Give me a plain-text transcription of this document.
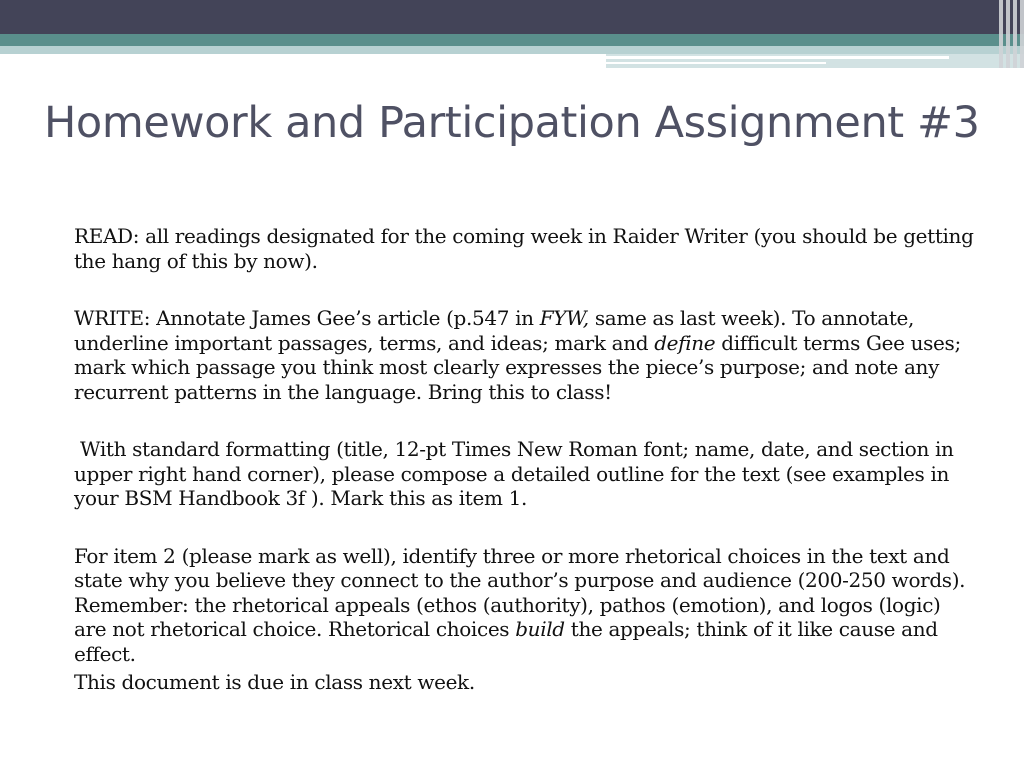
Homework and Participation Assignment #3

READ: all readings designated for the coming week in Raider Writer (you should be getting the hang of this by now).

WRITE: Annotate James Gee’s article (p.547 in FYW, same as last week). To annotate, underline important passages, terms, and ideas; mark and define difficult terms Gee uses; mark which passage you think most clearly expresses the piece’s purpose; and note any recurrent patterns in the language. Bring this to class!

With standard formatting (title, 12-pt Times New Roman font; name, date, and section in upper right hand corner), please compose a detailed outline for the text (see examples in your BSM Handbook 3f ). Mark this as item 1.

For item 2 (please mark as well), identify three or more rhetorical choices in the text and state why you believe they connect to the author’s purpose and audience (200-250 words). Remember: the rhetorical appeals (ethos (authority), pathos (emotion), and logos (logic) are not rhetorical choice. Rhetorical choices build the appeals; think of it like cause and effect.

This document is due in class next week.
